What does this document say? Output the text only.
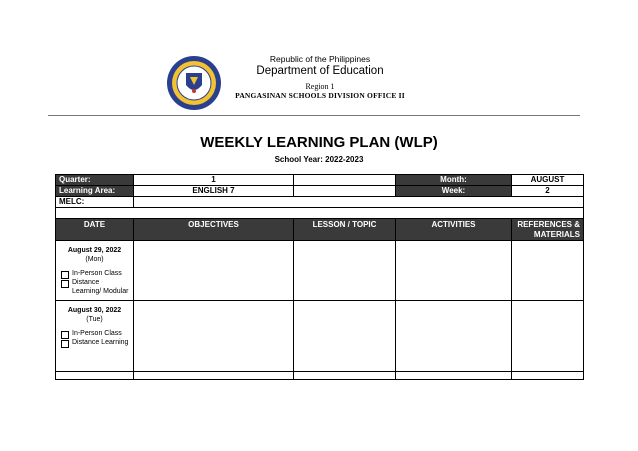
Republic of the Philippines
Department of Education
Region 1
PANGASINAN SCHOOLS DIVISION OFFICE II
WEEKLY LEARNING PLAN (WLP)
School Year: 2022-2023
Quarter:	1		Month:	AUGUST
Learning Area:	ENGLISH 7		Week:	2
MELC:				

DATE	OBJECTIVES	LESSON / TOPIC	ACTIVITIES	REFERENCES & MATERIALS

August 29, 2022
(Mon)
In-Person Class
Distance Learning/ Modular				

August 30, 2022
(Tue)
In-Person Class
Distance Learning				
